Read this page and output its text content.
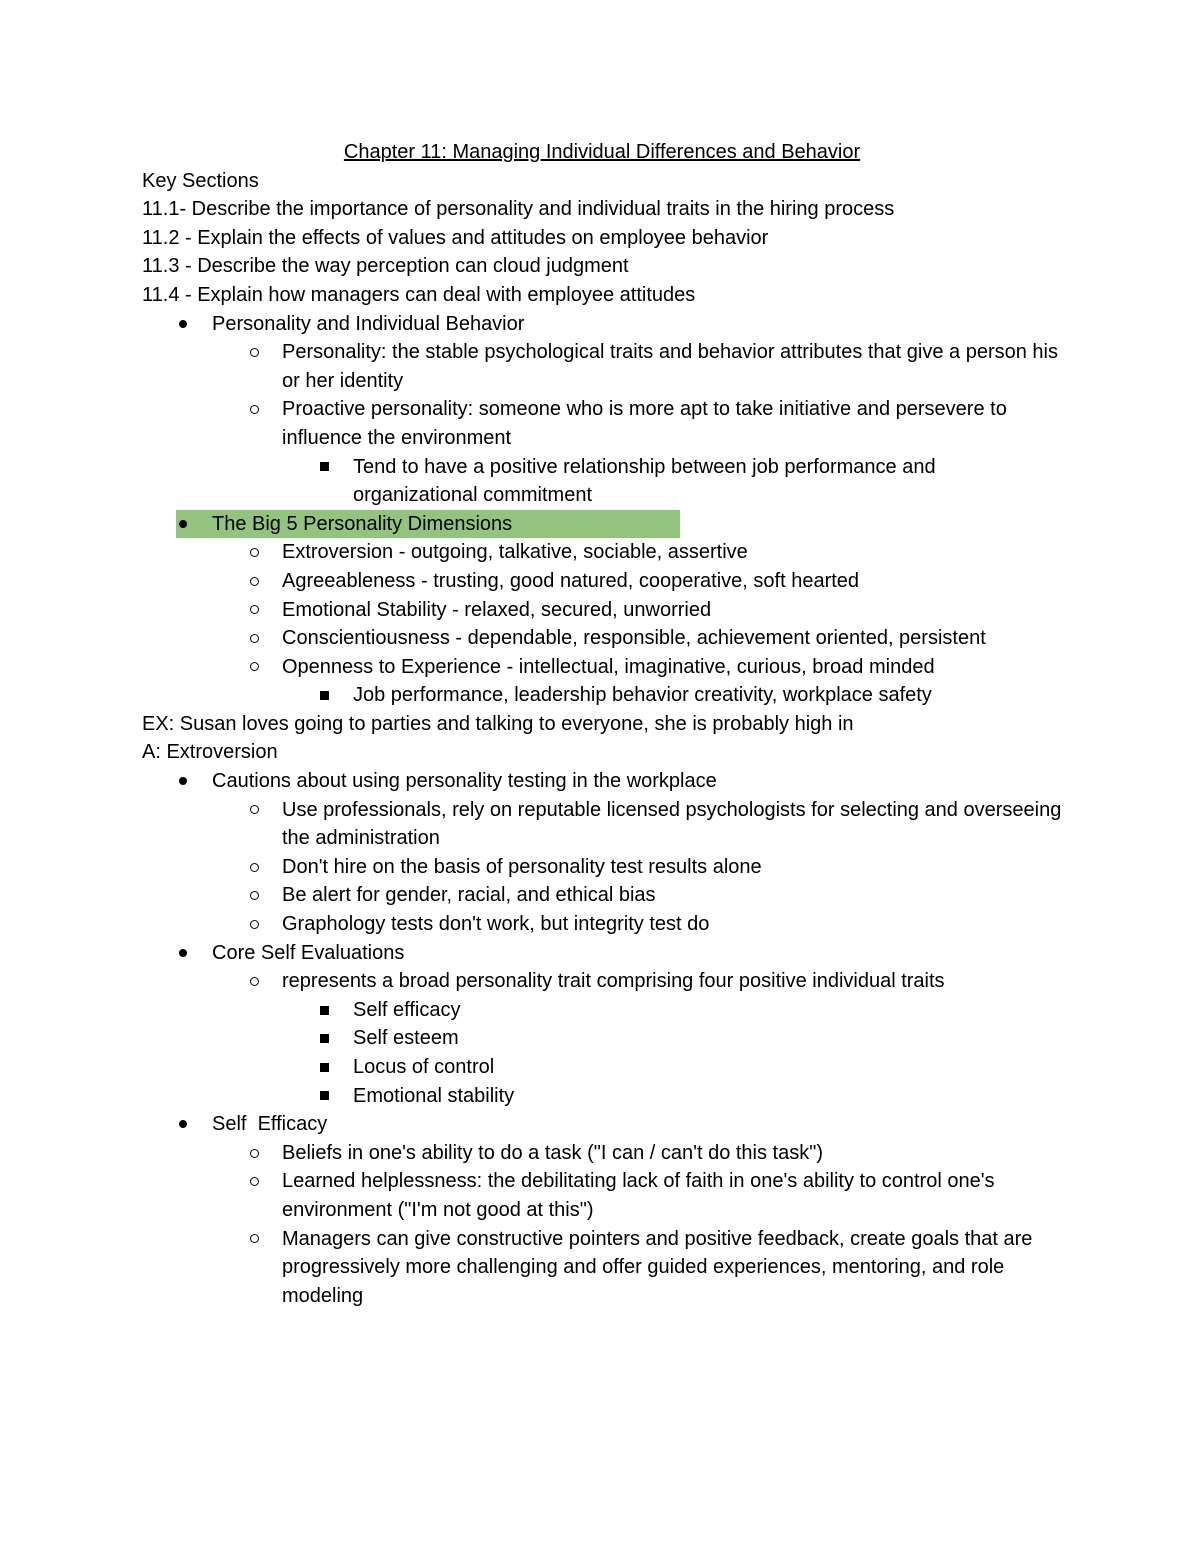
Chapter 11: Managing Individual Differences and Behavior
Key Sections
11.1- Describe the importance of personality and individual traits in the hiring process
11.2 - Explain the effects of values and attitudes on employee behavior
11.3 - Describe the way perception can cloud judgment
11.4 - Explain how managers can deal with employee attitudes
Personality and Individual Behavior
Personality: the stable psychological traits and behavior attributes that give a person his or her identity
Proactive personality: someone who is more apt to take initiative and persevere to influence the environment
Tend to have a positive relationship between job performance and organizational commitment
The Big 5 Personality Dimensions
Extroversion - outgoing, talkative, sociable, assertive
Agreeableness - trusting, good natured, cooperative, soft hearted
Emotional Stability - relaxed, secured, unworried
Conscientiousness - dependable, responsible, achievement oriented, persistent
Openness to Experience - intellectual, imaginative, curious, broad minded
Job performance, leadership behavior creativity, workplace safety
EX: Susan loves going to parties and talking to everyone, she is probably high in
A: Extroversion
Cautions about using personality testing in the workplace
Use professionals, rely on reputable licensed psychologists for selecting and overseeing the administration
Don't hire on the basis of personality test results alone
Be alert for gender, racial, and ethical bias
Graphology tests don't work, but integrity test do
Core Self Evaluations
represents a broad personality trait comprising four positive individual traits
Self efficacy
Self esteem
Locus of control
Emotional stability
Self  Efficacy
Beliefs in one's ability to do a task ("I can / can't do this task")
Learned helplessness: the debilitating lack of faith in one's ability to control one's environment ("I'm not good at this")
Managers can give constructive pointers and positive feedback, create goals that are progressively more challenging and offer guided experiences, mentoring, and role modeling
